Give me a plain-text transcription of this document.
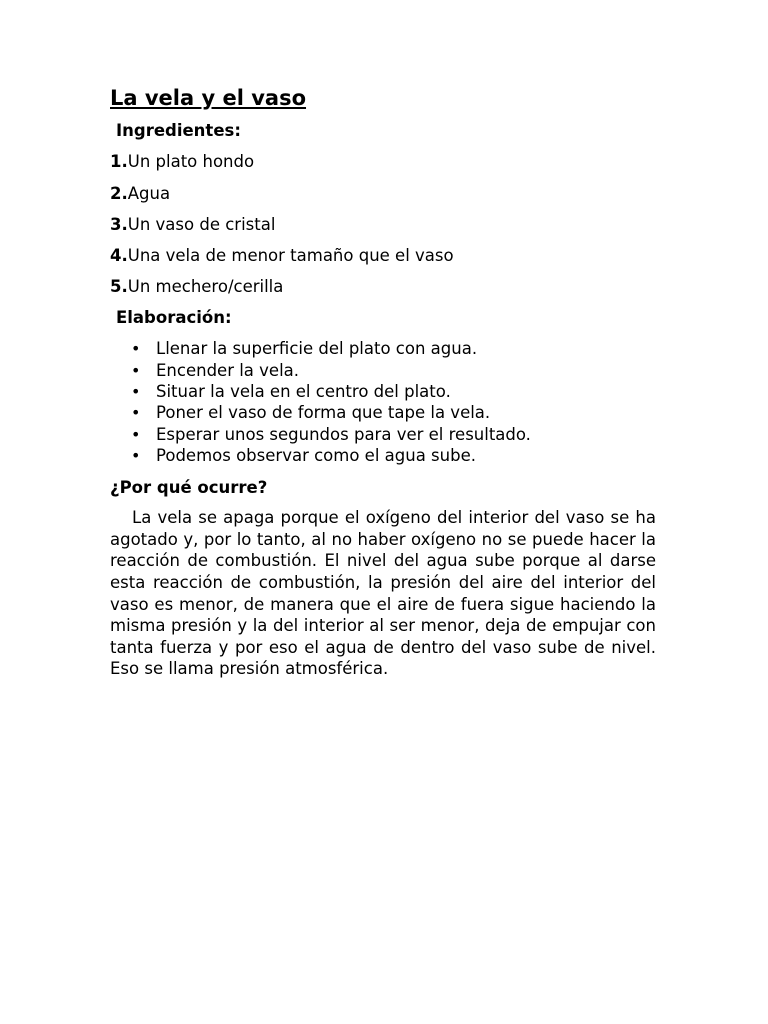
La vela y el vaso
Ingredientes:
1.Un plato hondo
2.Agua
3.Un vaso de cristal
4.Una vela de menor tamaño que el vaso
5.Un mechero/cerilla
Elaboración:
• Llenar la superficie del plato con agua.
• Encender la vela.
• Situar la vela en el centro del plato.
• Poner el vaso de forma que tape la vela.
• Esperar unos segundos para ver el resultado.
• Podemos observar como el agua sube.
¿Por qué ocurre?

La vela se apaga porque el oxígeno del interior del vaso se ha agotado y, por lo tanto, al no haber oxígeno no se puede hacer la reacción de combustión. El nivel del agua sube porque al darse esta reacción de combustión, la presión del aire del interior del vaso es menor, de manera que el aire de fuera sigue haciendo la misma presión y la del interior al ser menor, deja de empujar con tanta fuerza y por eso el agua de dentro del vaso sube de nivel. Eso se llama presión atmosférica.
